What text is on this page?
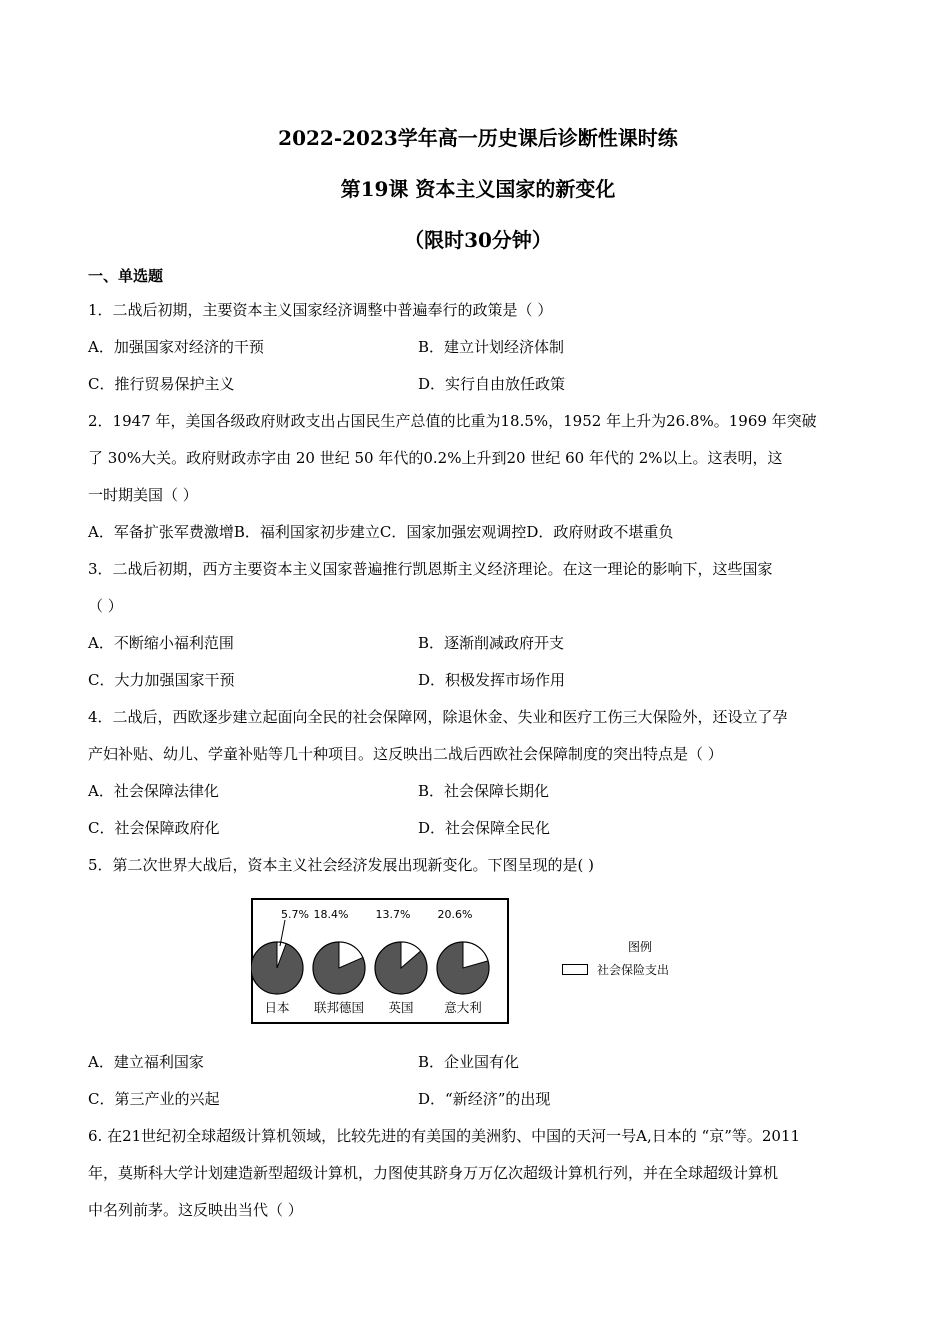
2022-2023学年高一历史课后诊断性课时练

第19课 资本主义国家的新变化

（限时30分钟）

一、单选题

1．二战后初期，主要资本主义国家经济调整中普遍奉行的政策是（ ）

A．加强国家对经济的干预	B．建立计划经济体制
C．推行贸易保护主义	D．实行自由放任政策

2．1947 年，美国各级政府财政支出占国民生产总值的比重为18.5%，1952 年上升为26.8%。1969 年突破

了 30%大关。政府财政赤字由 20 世纪 50 年代的0.2%上升到20 世纪 60 年代的 2%以上。这表明，这

一时期美国（ ）

A．军备扩张军费激增B．福利国家初步建立C．国家加强宏观调控D．政府财政不堪重负

3．二战后初期，西方主要资本主义国家普遍推行凯恩斯主义经济理论。在这一理论的影响下，这些国家

（ ）

A．不断缩小福利范围	B．逐渐削减政府开支
C．大力加强国家干预	D．积极发挥市场作用

4．二战后，西欧逐步建立起面向全民的社会保障网，除退休金、失业和医疗工伤三大保险外，还设立了孕

产妇补贴、幼儿、学童补贴等几十种项目。这反映出二战后西欧社会保障制度的突出特点是（ ）

A．社会保障法律化	B．社会保障长期化
C．社会保障政府化	D．社会保障全民化

5．第二次世界大战后，资本主义社会经济发展出现新变化。下图呈现的是( )

5.7%
日本
18.4%
联邦德国
13.7%
英国
20.6%
意大利
图例
社会保险支出
A．建立福利国家	B．企业国有化
C．第三产业的兴起	D．“新经济”的出现

6. 在21世纪初全球超级计算机领域，比较先进的有美国的美洲豹、中国的天河一号A,日本的 “京”等。2011

年，莫斯科大学计划建造新型超级计算机，力图使其跻身万万亿次超级计算机行列，并在全球超级计算机

中名列前茅。这反映出当代（ ）
